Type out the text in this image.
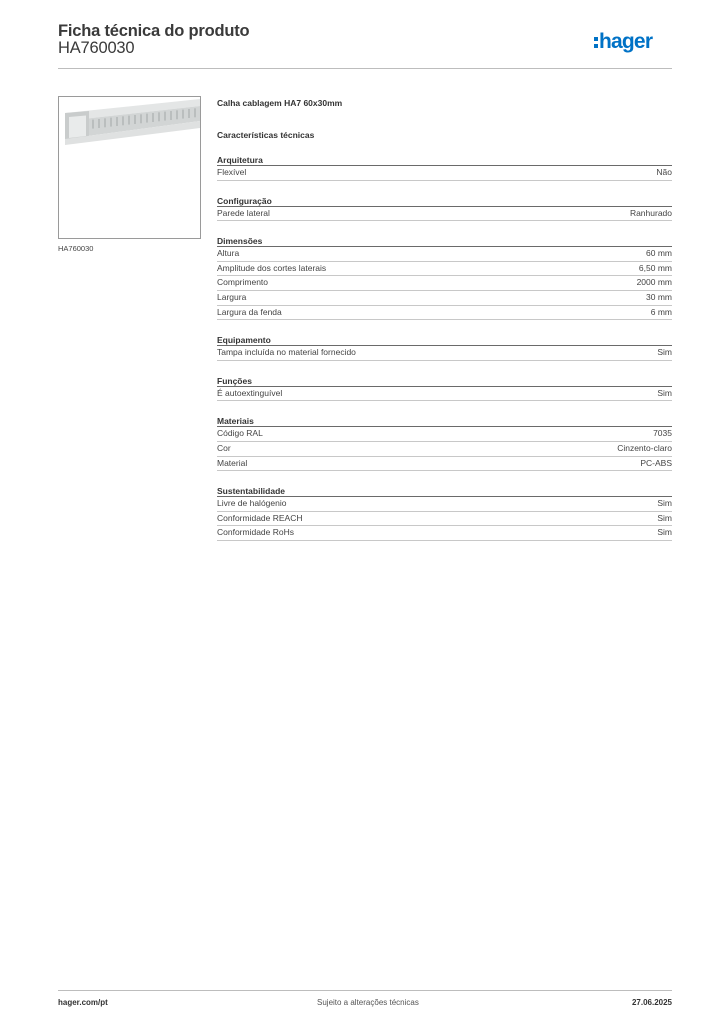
Ficha técnica do produto
HA760030	hager
HA760030
Calha cablagem HA7 60x30mm
Características técnicas
Arquitetura
Flexível	Não
Configuração
Parede lateral	Ranhurado
Dimensões
Altura	60 mm
Amplitude dos cortes laterais	6,50 mm
Comprimento	2000 mm
Largura	30 mm
Largura da fenda	6 mm
Equipamento
Tampa incluída no material fornecido	Sim
Funções
É autoextinguível	Sim
Materiais
Código RAL	7035
Cor	Cinzento-claro
Material	PC-ABS
Sustentabilidade
Livre de halógenio	Sim
Conformidade REACH	Sim
Conformidade RoHs	Sim
hager.com/pt	Sujeito a alterações técnicas	27.06.2025
